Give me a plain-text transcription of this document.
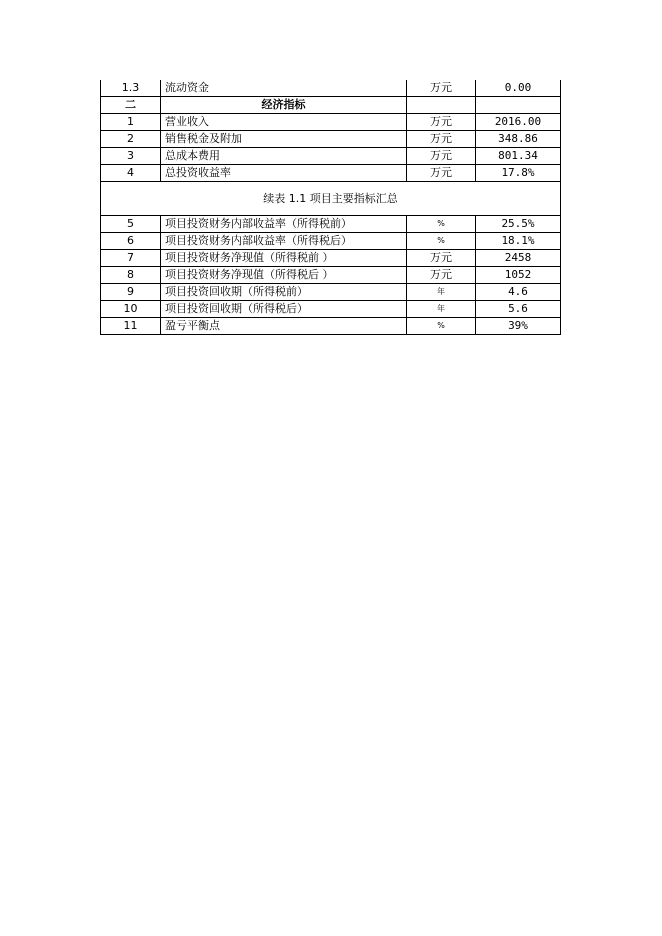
1.3	流动资金	万元	0.00
二	经济指标		
1	营业收入	万元	2016.00
2	销售税金及附加	万元	348.86
3	总成本费用	万元	801.34
4	总投资收益率	万元	17.8%
续表 1.1 项目主要指标汇总			
5	项目投资财务内部收益率（所得税前）	%	25.5%
6	项目投资财务内部收益率（所得税后）	%	18.1%
7	项目投资财务净现值（所得税前 ）	万元	2458
8	项目投资财务净现值（所得税后 ）	万元	1052
9	项目投资回收期（所得税前）	年	4.6
10	项目投资回收期（所得税后）	年	5.6
11	盈亏平衡点	%	39%
